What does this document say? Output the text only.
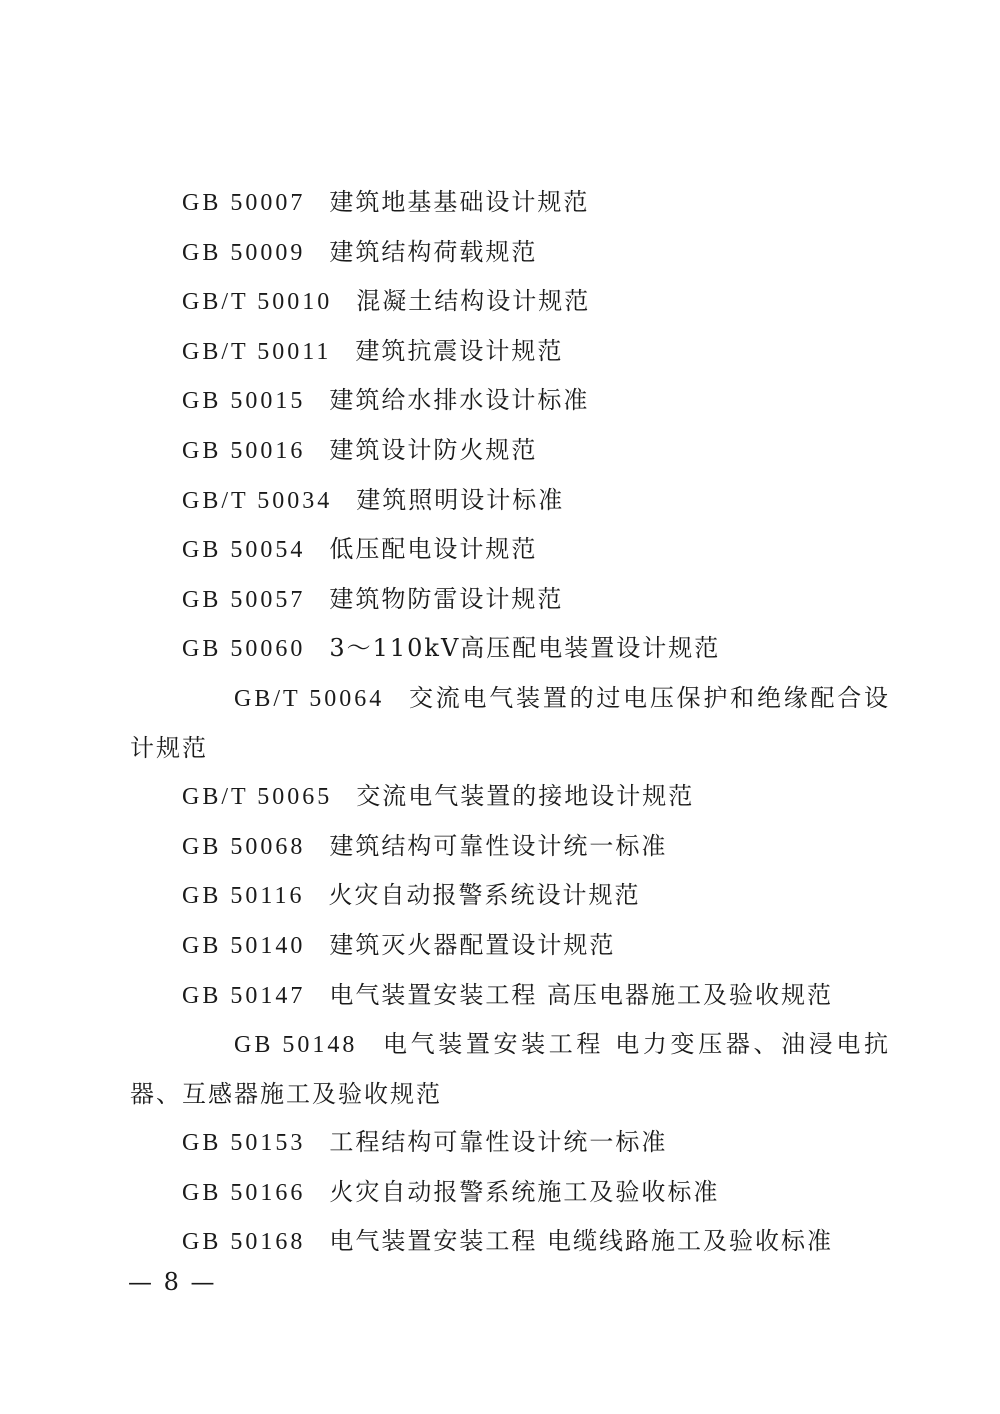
GB 50007 建筑地基基础设计规范

GB 50009 建筑结构荷载规范

GB/T 50010 混凝土结构设计规范

GB/T 50011 建筑抗震设计规范

GB 50015 建筑给水排水设计标准

GB 50016 建筑设计防火规范

GB/T 50034 建筑照明设计标准

GB 50054 低压配电设计规范

GB 50057 建筑物防雷设计规范

GB 50060 3～110kV高压配电装置设计规范

GB/T 50064 交流电气装置的过电压保护和绝缘配合设计规范

GB/T 50065 交流电气装置的接地设计规范

GB 50068 建筑结构可靠性设计统一标准

GB 50116 火灾自动报警系统设计规范

GB 50140 建筑灭火器配置设计规范

GB 50147 电气装置安装工程 高压电器施工及验收规范

GB 50148 电气装置安装工程 电力变压器、油浸电抗器、互感器施工及验收规范

GB 50153 工程结构可靠性设计统一标准

GB 50166 火灾自动报警系统施工及验收标准

GB 50168 电气装置安装工程 电缆线路施工及验收标准

— 8 —
